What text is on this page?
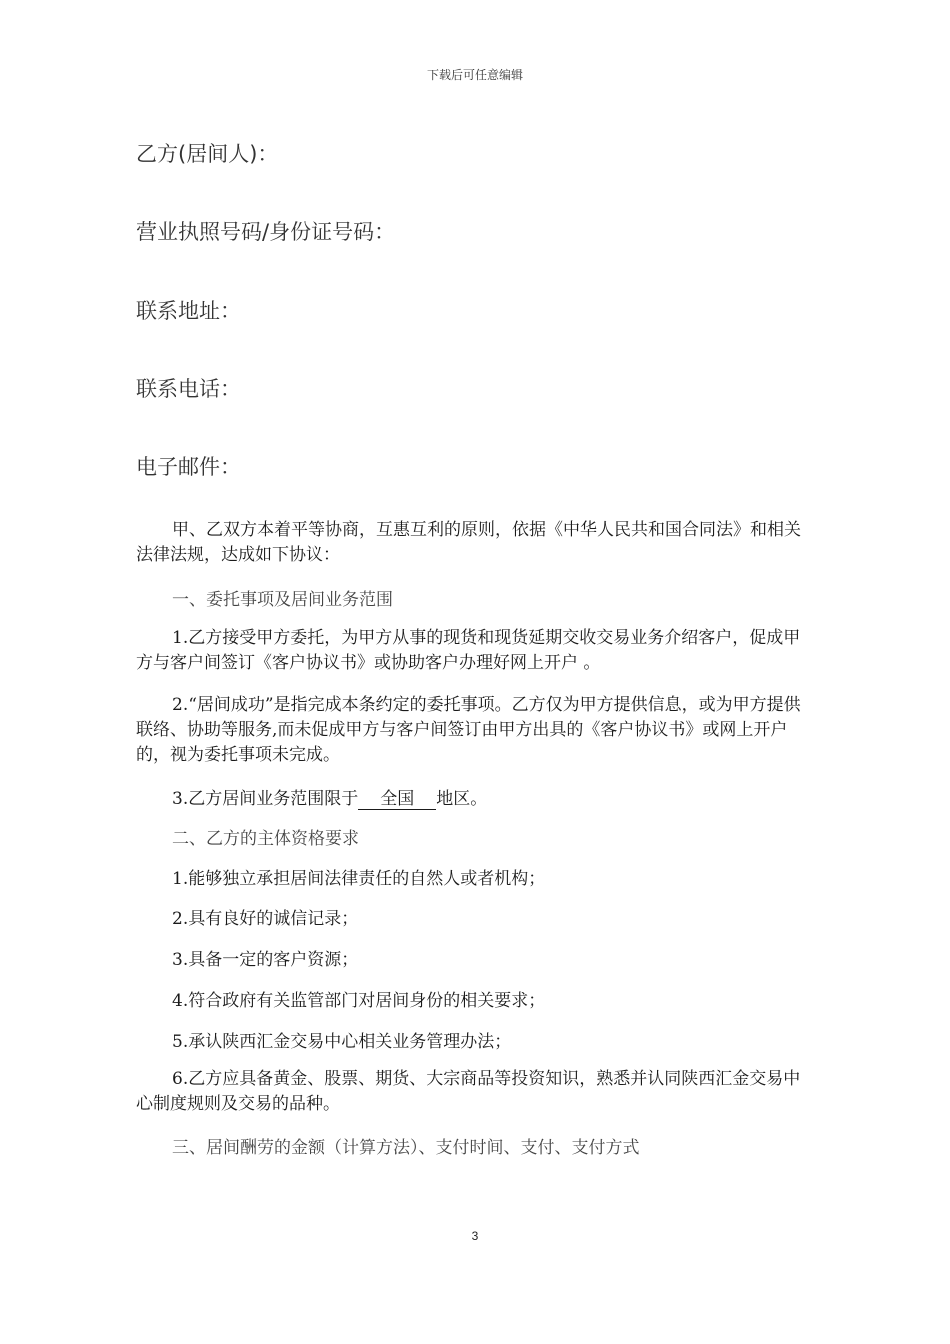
下载后可任意编辑
乙方(居间人)：
营业执照号码/身份证号码：
联系地址：
联系电话：
电子邮件：
甲、乙双方本着平等协商，互惠互利的原则，依据《中华人民共和国合同法》和相关法律法规，达成如下协议：
一、委托事项及居间业务范围
1.乙方接受甲方委托，为甲方从事的现货和现货延期交收交易业务介绍客户，促成甲方与客户间签订《客户协议书》或协助客户办理好网上开户 。
2.“居间成功”是指完成本条约定的委托事项。乙方仅为甲方提供信息，或为甲方提供联络、协助等服务,而未促成甲方与客户间签订由甲方出具的《客户协议书》或网上开户的，视为委托事项未完成。
3.乙方居间业务范围限于 全国 地区。
二、乙方的主体资格要求
1.能够独立承担居间法律责任的自然人或者机构；
2.具有良好的诚信记录；
3.具备一定的客户资源；
4.符合政府有关监管部门对居间身份的相关要求；
5.承认陕西汇金交易中心相关业务管理办法；
6.乙方应具备黄金、股票、期货、大宗商品等投资知识，熟悉并认同陕西汇金交易中心制度规则及交易的品种。
三、居间酬劳的金额（计算方法）、支付时间、支付、支付方式
3
